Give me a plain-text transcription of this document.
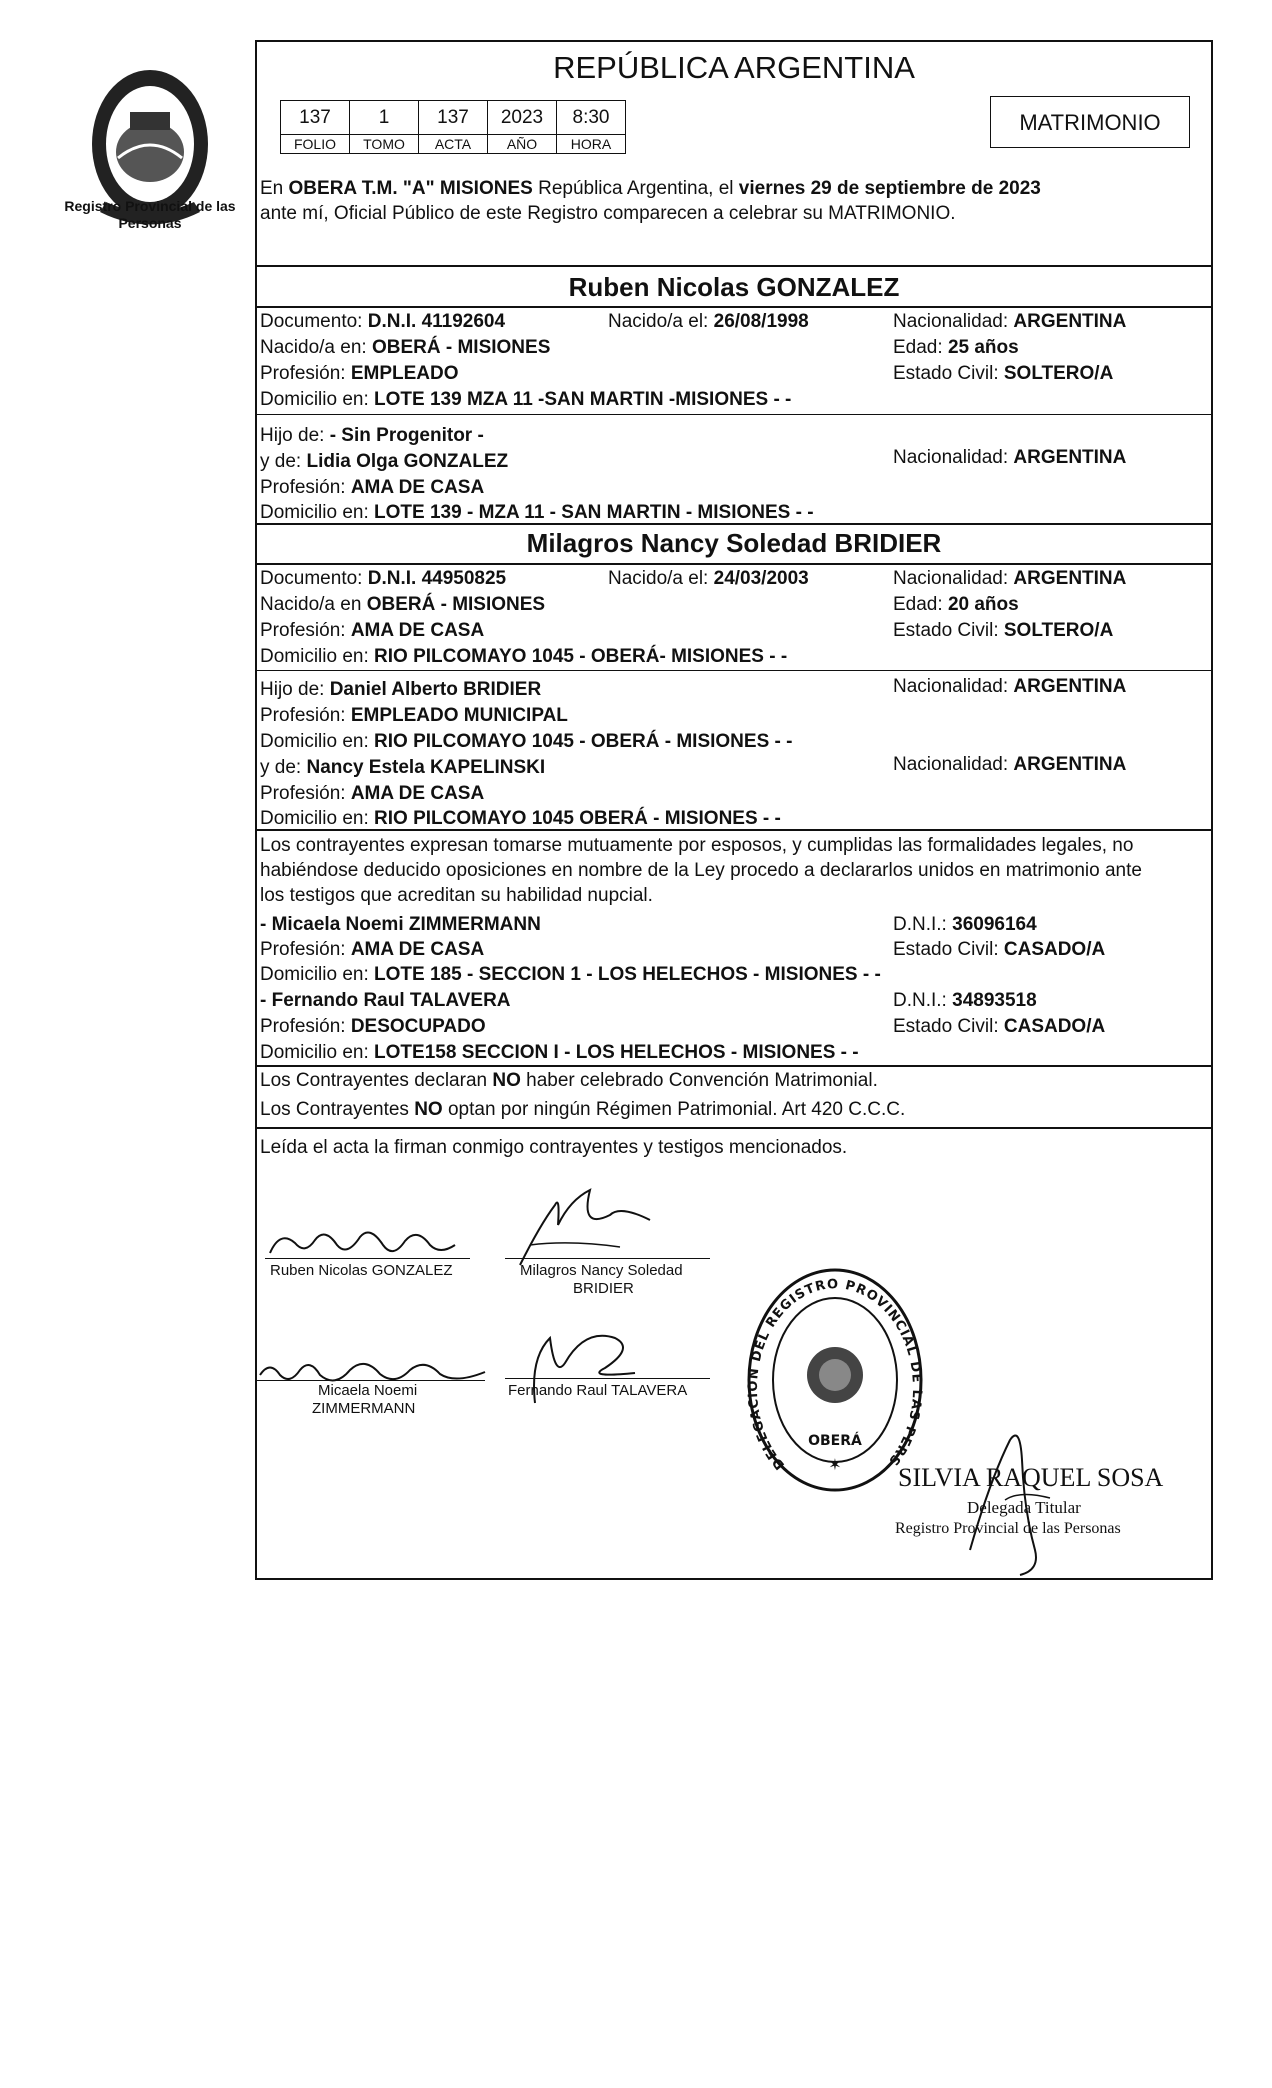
Registro Provincial de las Personas
REPÚBLICA ARGENTINA
137	1	137	2023	8:30
FOLIO	TOMO	ACTA	AÑO	HORA
MATRIMONIO
En OBERA T.M. "A" MISIONES República Argentina, el viernes 29 de septiembre de 2023
ante mí, Oficial Público de este Registro comparecen a celebrar su MATRIMONIO.
Ruben Nicolas GONZALEZ
Documento: D.N.I. 41192604	Nacido/a el: 26/08/1998	Nacionalidad: ARGENTINA
Nacido/a en: OBERÁ - MISIONES	Edad: 25 años
Profesión: EMPLEADO	Estado Civil: SOLTERO/A
Domicilio en: LOTE 139 MZA 11 -SAN MARTIN -MISIONES - -
Hijo de: - Sin Progenitor -
y de: Lidia Olga GONZALEZ	Nacionalidad: ARGENTINA
Profesión: AMA DE CASA
Domicilio en: LOTE 139 - MZA 11 - SAN MARTIN - MISIONES - -
Milagros Nancy Soledad BRIDIER
Documento: D.N.I. 44950825	Nacido/a el: 24/03/2003	Nacionalidad: ARGENTINA
Nacido/a en OBERÁ - MISIONES	Edad: 20 años
Profesión: AMA DE CASA	Estado Civil: SOLTERO/A
Domicilio en: RIO PILCOMAYO 1045 - OBERÁ- MISIONES - -
Hijo de: Daniel Alberto BRIDIER	Nacionalidad: ARGENTINA
Profesión: EMPLEADO MUNICIPAL
Domicilio en: RIO PILCOMAYO 1045 - OBERÁ - MISIONES - -
y de: Nancy Estela KAPELINSKI	Nacionalidad: ARGENTINA
Profesión: AMA DE CASA
Domicilio en: RIO PILCOMAYO 1045 OBERÁ - MISIONES - -
Los contrayentes expresan tomarse mutuamente por esposos, y cumplidas las formalidades legales, no
habiéndose deducido oposiciones en nombre de la Ley procedo a declararlos unidos en matrimonio ante
los testigos que acreditan su habilidad nupcial.
- Micaela Noemi ZIMMERMANN	D.N.I.: 36096164
Profesión: AMA DE CASA	Estado Civil: CASADO/A
Domicilio en: LOTE 185 - SECCION 1 - LOS HELECHOS - MISIONES - -
- Fernando Raul TALAVERA	D.N.I.: 34893518
Profesión: DESOCUPADO	Estado Civil: CASADO/A
Domicilio en: LOTE158 SECCION I - LOS HELECHOS - MISIONES - -
Los Contrayentes declaran NO haber celebrado Convención Matrimonial.
Los Contrayentes NO optan por ningún Régimen Patrimonial. Art 420 C.C.C.
Leída el acta la firman conmigo contrayentes y testigos mencionados.
Ruben Nicolas GONZALEZ	Milagros Nancy Soledad
BRIDIER
Micaela Noemi
ZIMMERMANN
Fernando Raul TALAVERA
DELEGACION DEL REGISTRO PROVINCIAL DE LAS PERSONAS
OBERÁ
✶ SILVIA RAQUEL SOSA
Delegada Titular
Registro Provincial de las Personas
